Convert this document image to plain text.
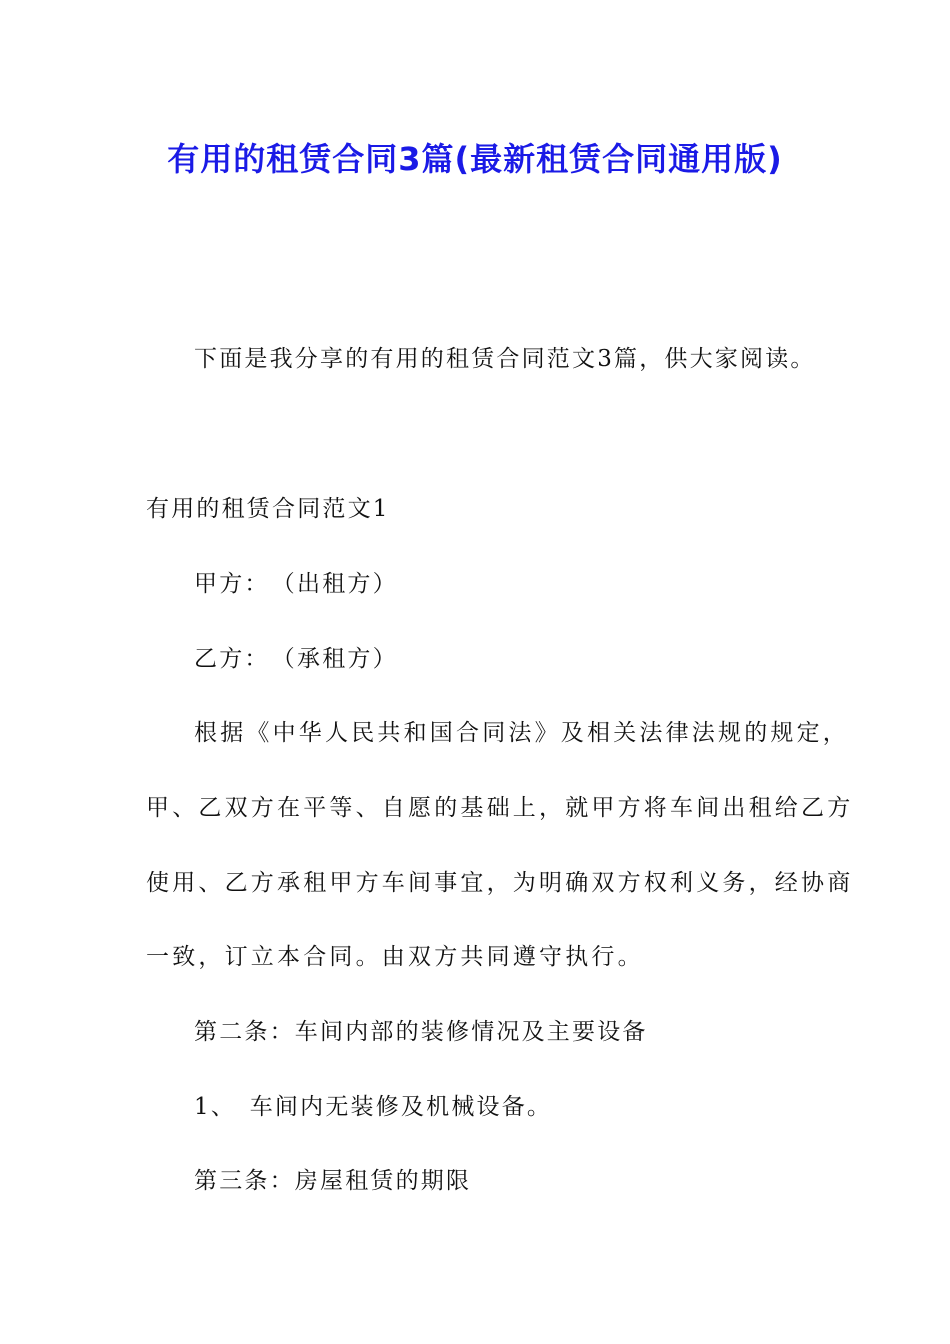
有用的租赁合同3篇(最新租赁合同通用版)
下面是我分享的有用的租赁合同范文3篇，供大家阅读。
有用的租赁合同范文1
甲方：　（出租方）
乙方：　（承租方）
根据《中华人民共和国合同法》及相关法律法规的规定，
甲、乙双方在平等、自愿的基础上，就甲方将车间出租给乙方
使用、乙方承租甲方车间事宜，为明确双方权利义务，经协商
一致，订立本合同。由双方共同遵守执行。
第二条：车间内部的装修情况及主要设备
1、　车间内无装修及机械设备。
第三条：房屋租赁的期限
